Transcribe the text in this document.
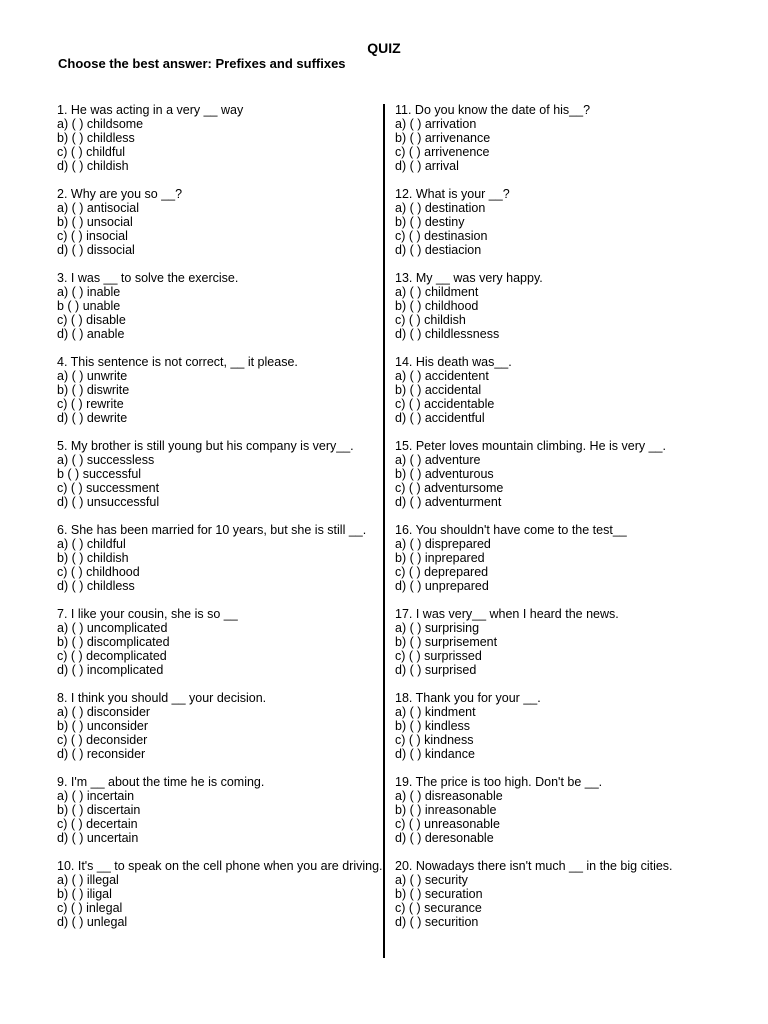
QUIZ

Choose the best answer: Prefixes and suffixes

1. He was acting in a very __ way
a) ( ) childsome
b) ( ) childless
c) ( ) childful
d) ( ) childish
2. Why are you so __?
a) ( ) antisocial
b) ( ) unsocial
c) ( ) insocial
d) ( ) dissocial
3. I was __ to solve the exercise.
a) ( ) inable
b ( ) unable
c) ( ) disable
d) ( ) anable
4. This sentence is not correct, __ it please.
a) ( ) unwrite
b) ( ) diswrite
c) ( ) rewrite
d) ( ) dewrite
5. My brother is still young but his company is very__.
a) ( ) successless
b ( ) successful
c) ( ) successment
d) ( ) unsuccessful
6. She has been married for 10 years, but she is still __.
a) ( ) childful
b) ( ) childish
c) ( ) childhood
d) ( ) childless
7. I like your cousin, she is so __
a) ( ) uncomplicated
b) ( ) discomplicated
c) ( ) decomplicated
d) ( ) incomplicated
8. I think you should __ your decision.
a) ( ) disconsider
b) ( ) unconsider
c) ( ) deconsider
d) ( ) reconsider
9. I'm __ about the time he is coming.
a) ( ) incertain
b) ( ) discertain
c) ( ) decertain
d) ( ) uncertain
10. It's __ to speak on the cell phone when you are driving.
a) ( ) illegal
b) ( ) iligal
c) ( ) inlegal
d) ( ) unlegal
11. Do you know the date of his__?
a) ( ) arrivation
b) ( ) arrivenance
c) ( ) arrivenence
d) ( ) arrival
12. What is your __?
a) ( ) destination
b) ( ) destiny
c) ( ) destinasion
d) ( ) destiacion
13. My __ was very happy.
a) ( ) childment
b) ( ) childhood
c) ( ) childish
d) ( ) childlessness
14. His death was__.
a) ( ) accidentent
b) ( ) accidental
c) ( ) accidentable
d) ( ) accidentful
15. Peter loves mountain climbing. He is very __.
a) ( ) adventure
b) ( ) adventurous
c) ( ) adventursome
d) ( ) adventurment
16. You shouldn't have come to the test__
a) ( ) disprepared
b) ( ) inprepared
c) ( ) deprepared
d) ( ) unprepared
17. I was very__ when I heard the news.
a) ( ) surprising
b) ( ) surprisement
c) ( ) surprissed
d) ( ) surprised
18. Thank you for your __.
a) ( ) kindment
b) ( ) kindless
c) ( ) kindness
d) ( ) kindance
19. The price is too high. Don't be __.
a) ( ) disreasonable
b) ( ) inreasonable
c) ( ) unreasonable
d) ( ) deresonable
20. Nowadays there isn't much __ in the big cities.
a) ( ) security
b) ( ) securation
c) ( ) securance
d) ( ) securition
